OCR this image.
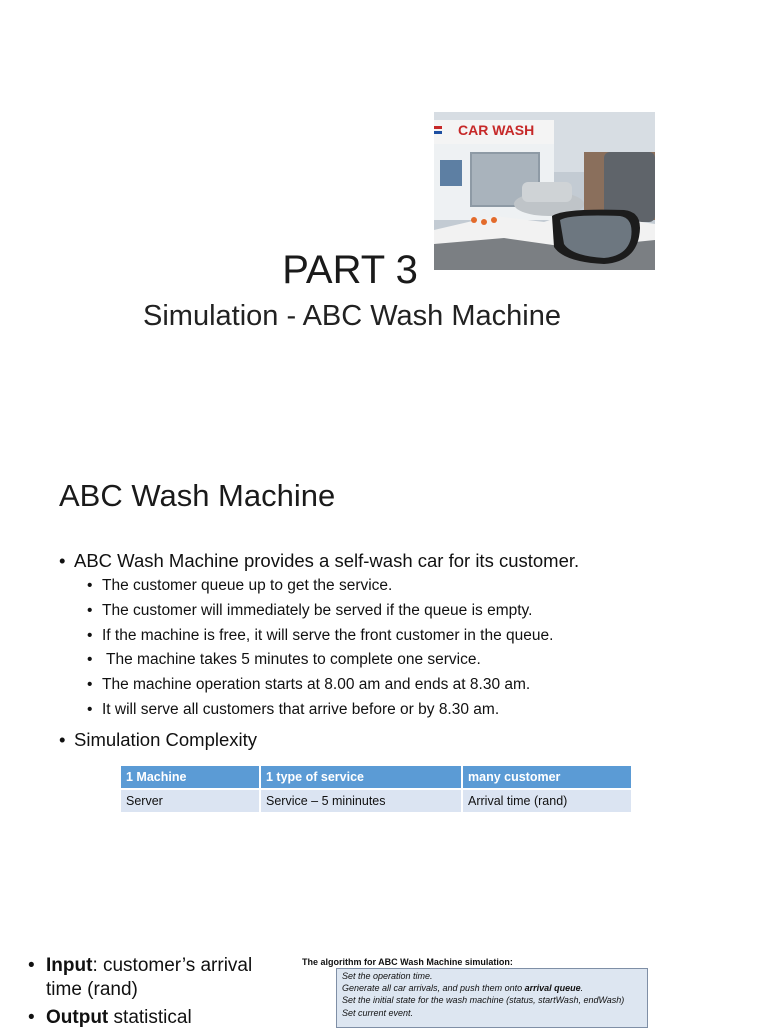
CAR WASH
PART 3
Simulation - ABC Wash Machine
ABC Wash Machine
• ABC Wash Machine provides a self-wash car for its customer.
• The customer queue up to get the service.
• The customer will immediately be served if the queue is empty.
• If the machine is free, it will serve the front customer in the queue.
•  The machine takes 5 minutes to complete one service.
• The machine operation starts at 8.00 am and ends at 8.30 am.
• It will serve all customers that arrive before or by 8.30 am.
• Simulation Complexity
1 Machine	1 type of service	many customer
Server	Service – 5 mininutes	Arrival time (rand)
• Input: customer’s arrival time (rand)
• Output statistical
The algorithm for ABC Wash Machine simulation:
Set the operation time.
Generate all car arrivals, and push them onto arrival queue.
Set the initial state for the wash machine (status, startWash, endWash)
Set current event.
